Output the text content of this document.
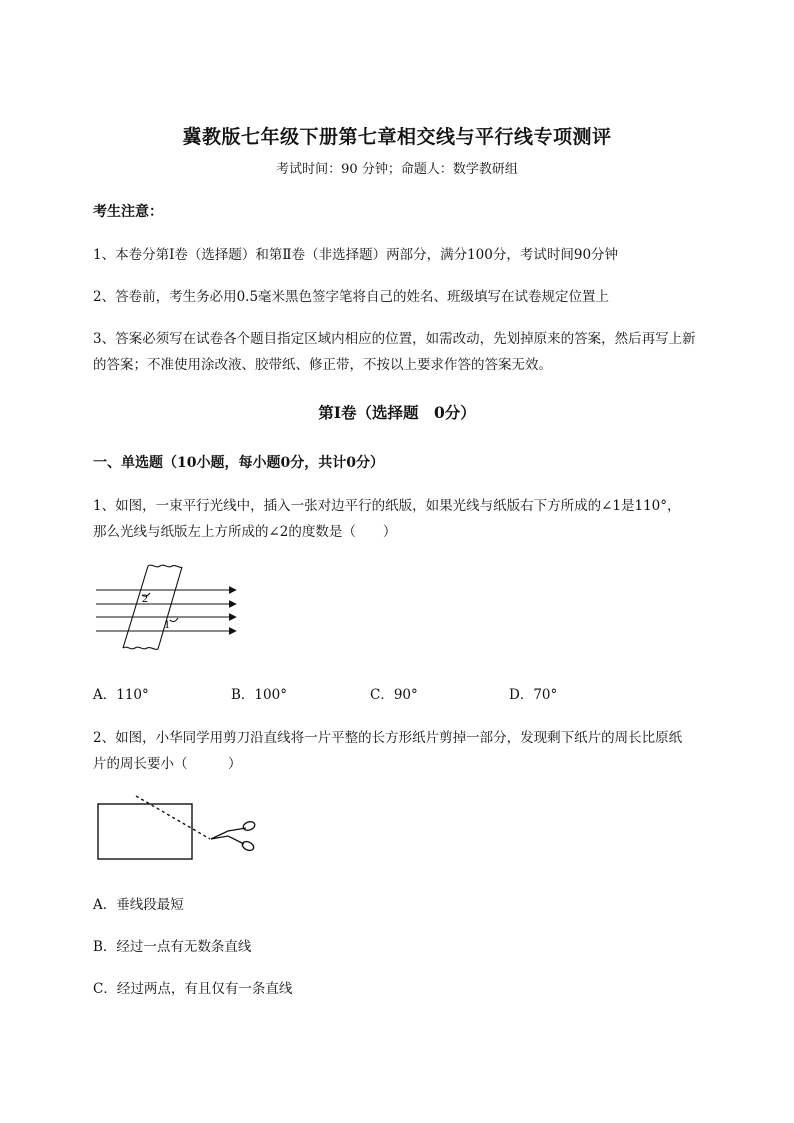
冀教版七年级下册第七章相交线与平行线专项测评
考试时间：90 分钟；命题人：数学教研组
考生注意：
1、本卷分第Ⅰ卷（选择题）和第Ⅱ卷（非选择题）两部分，满分100分，考试时间90分钟
2、答卷前，考生务必用0.5毫米黑色签字笔将自己的姓名、班级填写在试卷规定位置上
3、答案必须写在试卷各个题目指定区域内相应的位置，如需改动，先划掉原来的答案，然后再写上新
的答案；不准使用涂改液、胶带纸、修正带，不按以上要求作答的答案无效。
第Ⅰ卷（选择题　0分）
一、单选题（10小题，每小题0分，共计0分）
1、如图，一束平行光线中，插入一张对边平行的纸版，如果光线与纸版右下方所成的∠1是110°，
那么光线与纸版左上方所成的∠2的度数是（　　）
2
1
A．110°	B．100°	C．90°	D．70°
2、如图，小华同学用剪刀沿直线将一片平整的长方形纸片剪掉一部分，发现剩下纸片的周长比原纸
片的周长要小（　　　）
A．垂线段最短
B．经过一点有无数条直线
C．经过两点，有且仅有一条直线
